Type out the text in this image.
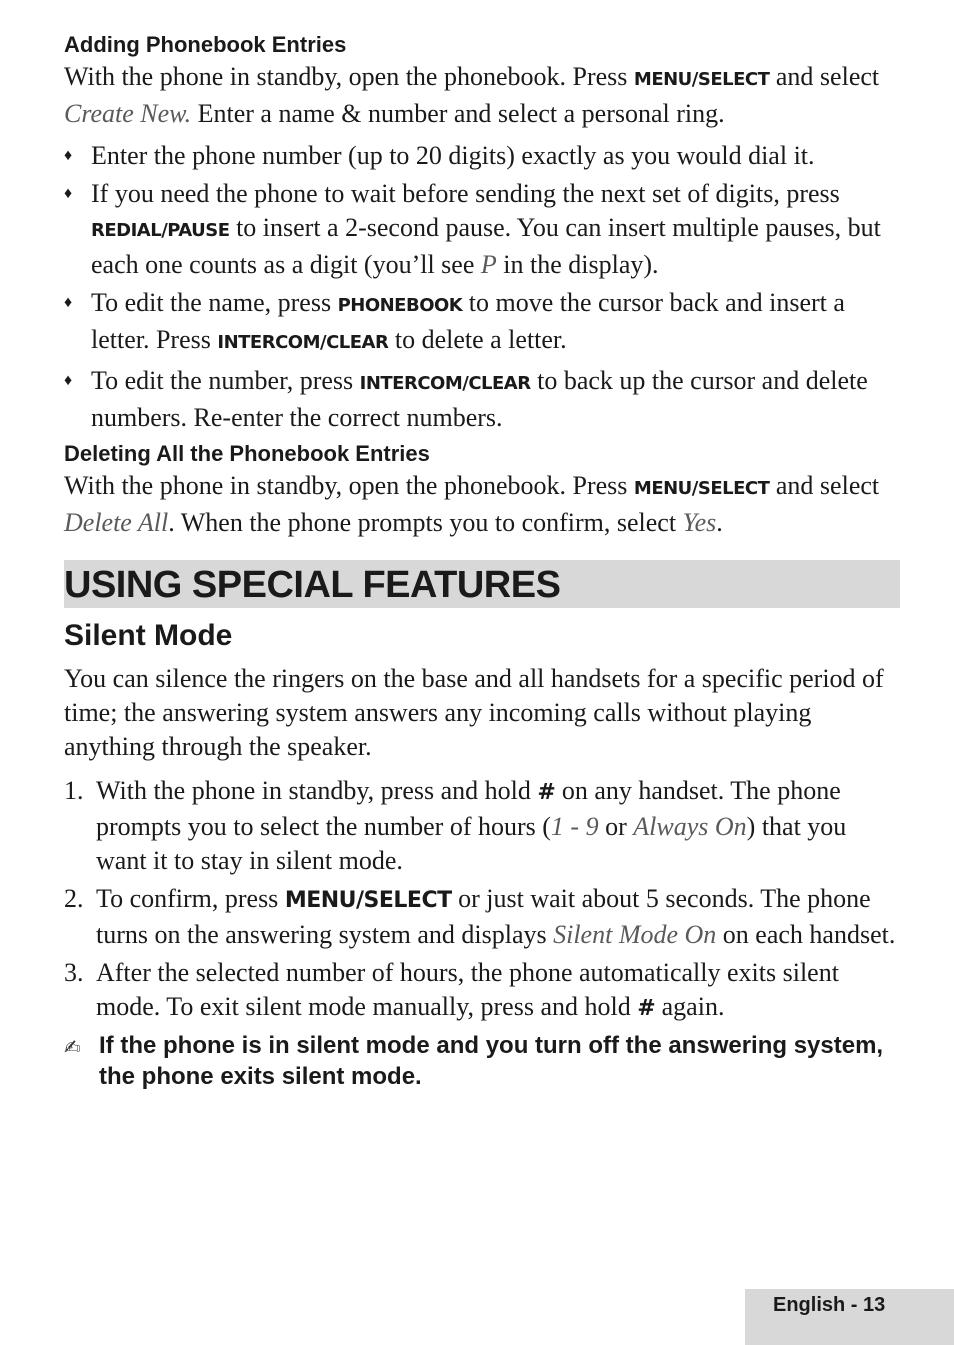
Adding Phonebook Entries

With the phone in standby, open the phonebook. Press MENU/SELECT and select Create New. Enter a name & number and select a personal ring.

♦ Enter the phone number (up to 20 digits) exactly as you would dial it.
♦ If you need the phone to wait before sending the next set of digits, press REDIAL/PAUSE to insert a 2-second pause. You can insert multiple pauses, but each one counts as a digit (you’ll see P in the display).
♦ To edit the name, press PHONEBOOK to move the cursor back and insert a letter. Press INTERCOM/CLEAR to delete a letter.
♦ To edit the number, press INTERCOM/CLEAR to back up the cursor and delete numbers. Re-enter the correct numbers.
Deleting All the Phonebook Entries

With the phone in standby, open the phonebook. Press MENU/SELECT and select Delete All. When the phone prompts you to confirm, select Yes.

USING SPECIAL FEATURES
Silent Mode

You can silence the ringers on the base and all handsets for a specific period of time; the answering system answers any incoming calls without playing anything through the speaker.

1. With the phone in standby, press and hold # on any handset. The phone prompts you to select the number of hours (1 - 9 or Always On) that you want it to stay in silent mode.
2. To confirm, press MENU/SELECT or just wait about 5 seconds. The phone turns on the answering system and displays Silent Mode On on each handset.
3. After the selected number of hours, the phone automatically exits silent mode. To exit silent mode manually, press and hold # again.
✍ If the phone is in silent mode and you turn off the answering system, the phone exits silent mode.
English - 13
